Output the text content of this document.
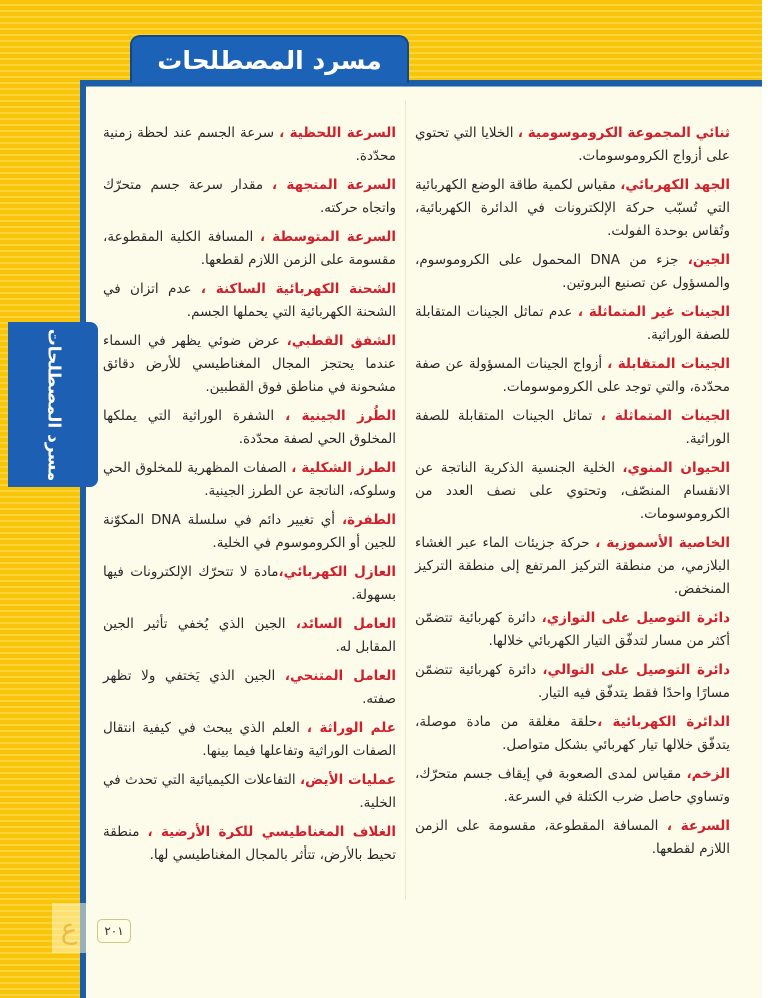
مسرد المصطلحات
مسرد المصطلحات
ثنائي المجموعة الكروموسومية ، الخلايا التي تحتوي على أزواج الكروموسومات.
الجهد الكهربائي، مقياس لكمية طاقة الوضع الكهربائية التي تُسبّب حركة الإلكترونات في الدائرة الكهربائية، وتُقاس بوحدة الفولت.
الجين، جزء من DNA المحمول على الكروموسوم، والمسؤول عن تصنيع البروتين.
الجينات غير المتماثلة ، عدم تماثل الجينات المتقابلة للصفة الوراثية.
الجينات المتقابلة ، أزواج الجينات المسؤولة عن صفة محدّدة، والتي توجد على الكروموسومات.
الجينات المتماثلة ، تماثل الجينات المتقابلة للصفة الوراثية.
الحيوان المنوي، الخلية الجنسية الذكرية الناتجة عن الانقسام المنصّف، وتحتوي على نصف العدد من الكروموسومات.
الخاصية الأسموزية ، حركة جزيئات الماء عبر الغشاء البلازمي، من منطقة التركيز المرتفع إلى منطقة التركيز المنخفض.
دائرة التوصيل على التوازي، دائرة كهربائية تتضمّن أكثر من مسار لتدفّق التيار الكهربائي خلالها.
دائرة التوصيل على التوالي، دائرة كهربائية تتضمّن مسارًا واحدًا فقط يتدفّق فيه التيار.
الدائرة الكهربائية ،حلقة مغلقة من مادة موصلة، يتدفّق خلالها تيار كهربائي بشكل متواصل.
الزخم، مقياس لمدى الصعوبة في إيقاف جسم متحرّك، وتساوي حاصل ضرب الكتلة في السرعة.
السرعة ، المسافة المقطوعة، مقسومة على الزمن اللازم لقطعها.
السرعة اللحظية ، سرعة الجسم عند لحظة زمنية محدّدة.
السرعة المتجهة ، مقدار سرعة جسم متحرّك واتجاه حركته.
السرعة المتوسطة ، المسافة الكلية المقطوعة، مقسومة على الزمن اللازم لقطعها.
الشحنة الكهربائية الساكنة ، عدم اتزان في الشحنة الكهربائية التي يحملها الجسم.
الشفق القطبي، عرض ضوئي يظهر في السماء عندما يحتجز المجال المغناطيسي للأرض دقائق مشحونة في مناطق فوق القطبين.
الطُرز الجينية ، الشفرة الوراثية التي يملكها المخلوق الحي لصفة محدّدة.
الطرز الشكلية ، الصفات المظهرية للمخلوق الحي وسلوكه، الناتجة عن الطرز الجينية.
الطفرة، أي تغيير دائم في سلسلة DNA المكوّنة للجين أو الكروموسوم في الخلية.
العازل الكهربائي،مادة لا تتحرّك الإلكترونات فيها بسهولة.
العامل السائد، الجين الذي يُخفي تأثير الجين المقابل له.
العامل المتنحي، الجين الذي يَختفي ولا تظهر صفته.
علم الوراثة ، العلم الذي يبحث في كيفية انتقال الصفات الوراثية وتفاعلها فيما بينها.
عمليات الأيض، التفاعلات الكيميائية التي تحدث في الخلية.
الغلاف المغناطيسي للكرة الأرضية ، منطقة تحيط بالأرض، تتأثر بالمجال المغناطيسي لها.
ع	٢٠١
